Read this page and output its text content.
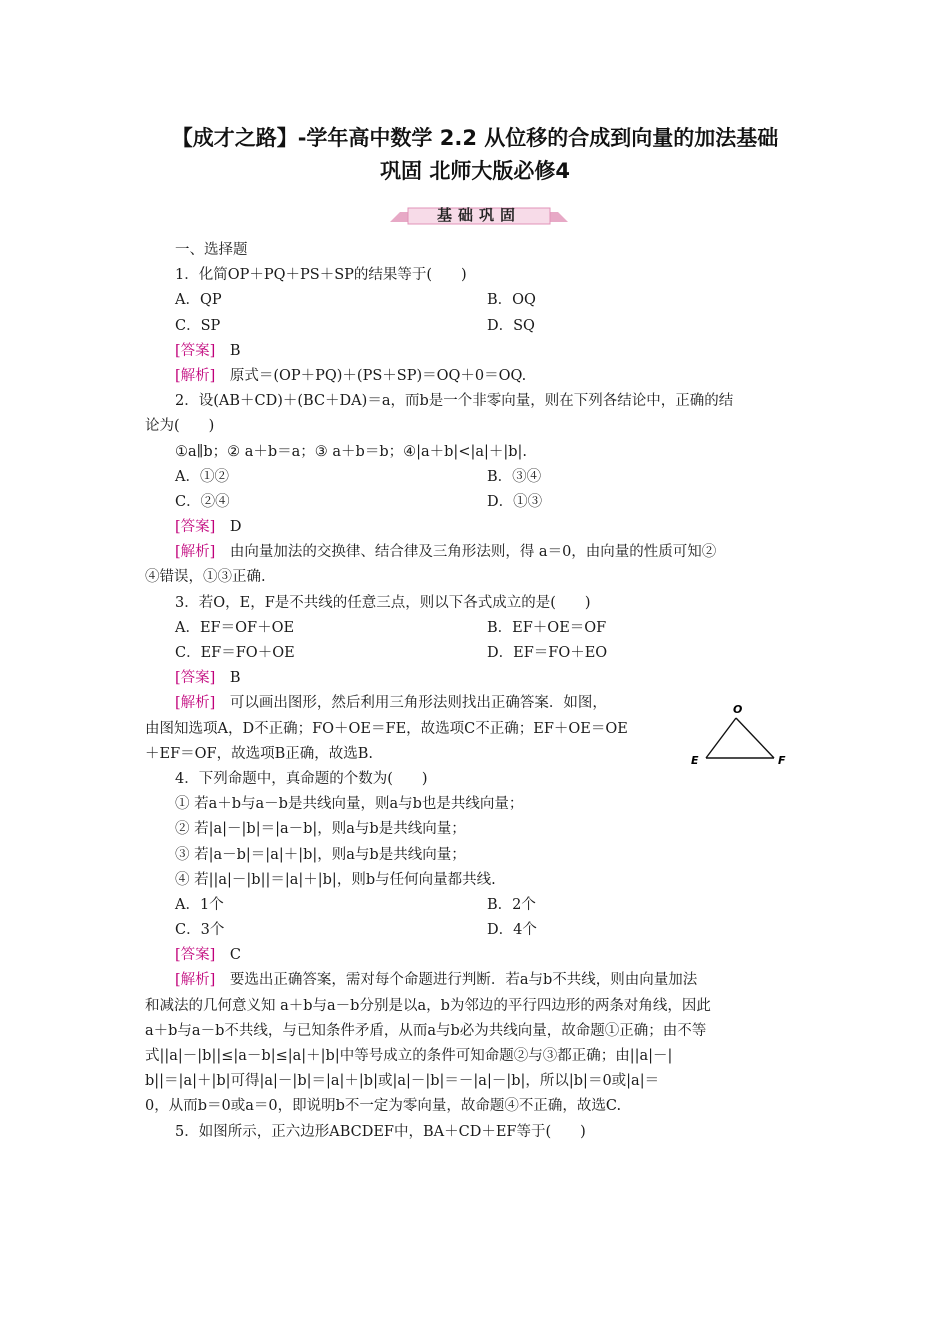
【成才之路】-学年高中数学 2.2 从位移的合成到向量的加法基础
巩固 北师大版必修4
基础巩固
一、选择题
1．化简OP＋PQ＋PS＋SP的结果等于(　　)
A．QP	B．OQ
C．SP	D．SQ
[答案]　B
[解析]　原式＝(OP＋PQ)＋(PS＋SP)＝OQ＋0＝OQ.
2．设(AB＋CD)＋(BC＋DA)＝a，而b是一个非零向量，则在下列各结论中，正确的结
论为(　　)
①a∥b；② a＋b＝a；③ a＋b＝b；④|a＋b|<|a|＋|b|.
A．①②	B．③④
C．②④	D．①③
[答案]　D
[解析]　由向量加法的交换律、结合律及三角形法则，得 a＝0，由向量的性质可知②
④错误，①③正确.
3．若O，E，F是不共线的任意三点，则以下各式成立的是(　　)
A．EF＝OF＋OE	B．EF＋OE＝OF
C．EF＝FO＋OE	D．EF＝FO＋EO
[答案]　B
[解析]　可以画出图形，然后利用三角形法则找出正确答案．如图，
由图知选项A，D不正确；FO＋OE＝FE，故选项C不正确；EF＋OE＝OE
＋EF＝OF，故选项B正确，故选B.
4．下列命题中，真命题的个数为(　　)
① 若a＋b与a－b是共线向量，则a与b也是共线向量；
② 若|a|－|b|＝|a－b|，则a与b是共线向量；
③ 若|a－b|＝|a|＋|b|，则a与b是共线向量；
④ 若||a|－|b||＝|a|＋|b|，则b与任何向量都共线.
A．1个	B．2个
C．3个	D．4个
[答案]　C
[解析]　要选出正确答案，需对每个命题进行判断．若a与b不共线，则由向量加法
和减法的几何意义知 a＋b与a－b分别是以a，b为邻边的平行四边形的两条对角线，因此
a＋b与a－b不共线，与已知条件矛盾，从而a与b必为共线向量，故命题①正确；由不等
式||a|－|b||≤|a－b|≤|a|＋|b|中等号成立的条件可知命题②与③都正确；由||a|－|
b||＝|a|＋|b|可得|a|－|b|＝|a|＋|b|或|a|－|b|＝－|a|－|b|，所以|b|＝0或|a|＝
0，从而b＝0或a＝0，即说明b不一定为零向量，故命题④不正确，故选C.
5．如图所示，正六边形ABCDEF中，BA＋CD＋EF等于(　　)
O
E	F
